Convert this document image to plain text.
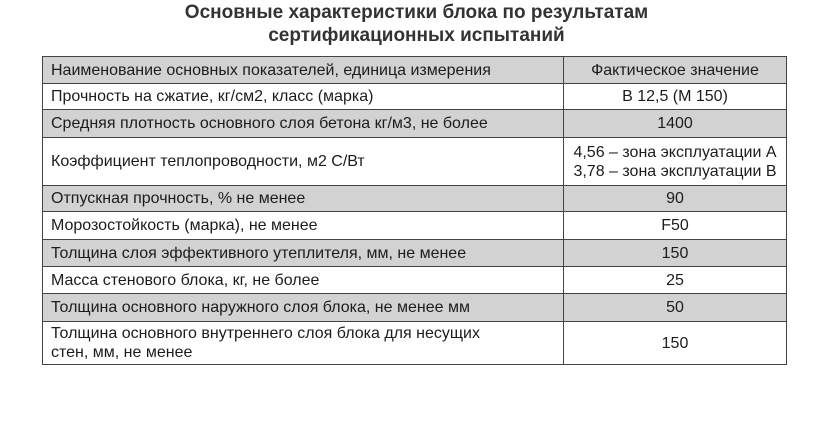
Основные характеристики блока по результатам
сертификационных испытаний
Наименование основных показателей, единица измерения	Фактическое значение
Прочность на сжатие, кг/см2, класс (марка)	В 12,5 (М 150)
Средняя плотность основного слоя бетона кг/м3, не более	1400
Коэффициент теплопроводности, м2 С/Вт	4,56 – зона эксплуатации А
3,78 – зона эксплуатации В

Отпускная прочность, % не менее	90
Морозостойкость (марка), не менее	F50
Толщина слоя эффективного утеплителя, мм, не менее	150
Масса стенового блока, кг, не более	25
Толщина основного наружного слоя блока, не менее мм	50

Толщина основного внутреннего слоя блока для несущих
стен, мм, не менее	150
